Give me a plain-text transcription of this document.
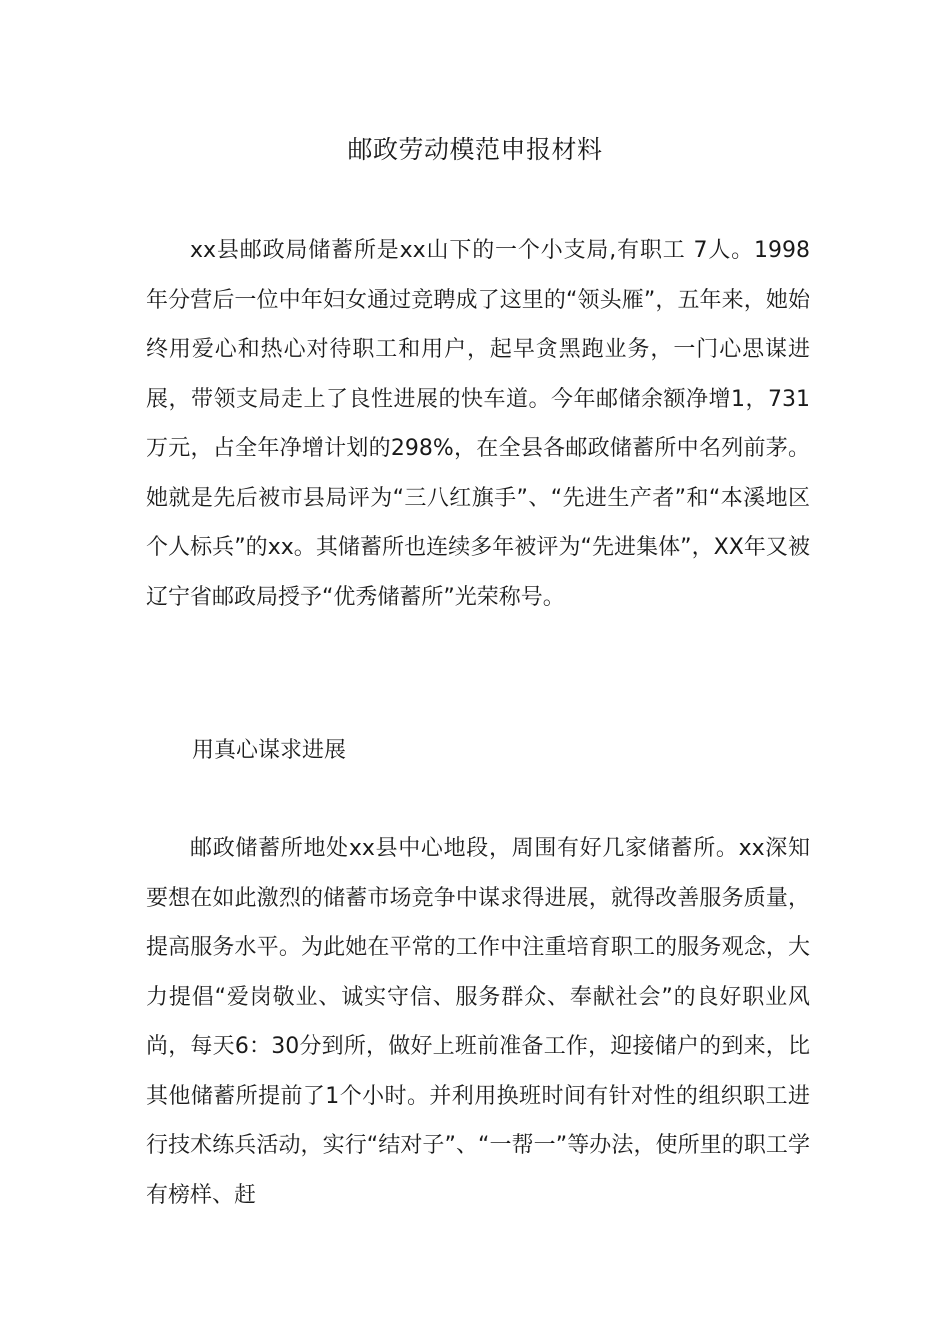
邮政劳动模范申报材料

xx县邮政局储蓄所是xx山下的一个小支局,有职工 7人。1998年分营后一位中年妇女通过竞聘成了这里的“领头雁”，五年来，她始终用爱心和热心对待职工和用户，起早贪黑跑业务，一门心思谋进展，带领支局走上了良性进展的快车道。今年邮储余额净增1，731万元，占全年净增计划的298%，在全县各邮政储蓄所中名列前茅。她就是先后被市县局评为“三八红旗手”、“先进生产者”和“本溪地区个人标兵”的xx。其储蓄所也连续多年被评为“先进集体”，XX年又被辽宁省邮政局授予“优秀储蓄所”光荣称号。

用真心谋求进展

邮政储蓄所地处xx县中心地段，周围有好几家储蓄所。xx深知要想在如此激烈的储蓄市场竞争中谋求得进展，就得改善服务质量，提高服务水平。为此她在平常的工作中注重培育职工的服务观念，大力提倡“爱岗敬业、诚实守信、服务群众、奉献社会”的良好职业风尚，每天6：30分到所，做好上班前准备工作，迎接储户的到来，比其他储蓄所提前了1个小时。并利用换班时间有针对性的组织职工进行技术练兵活动，实行“结对子”、“一帮一”等办法，使所里的职工学有榜样、赶
